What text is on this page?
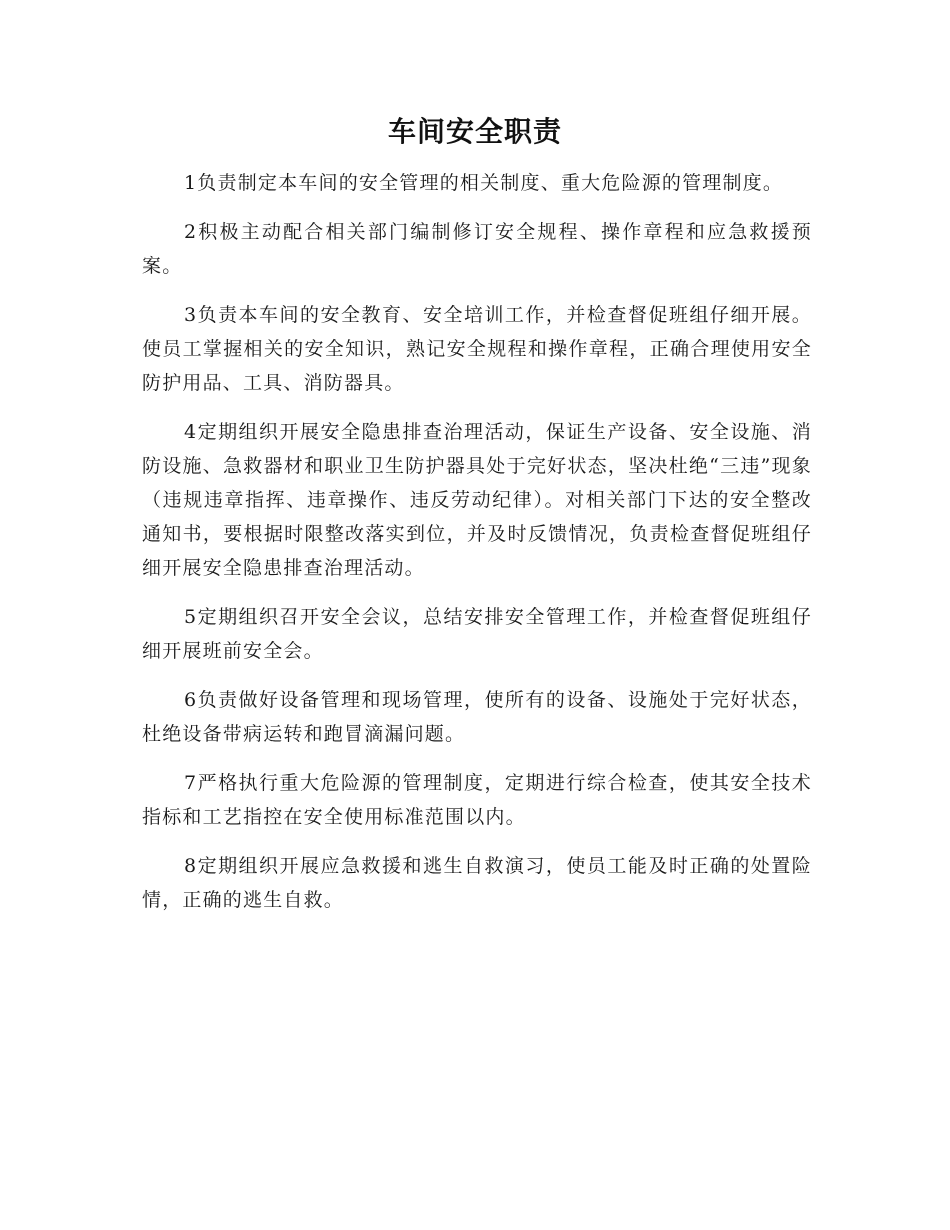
车间安全职责

1负责制定本车间的安全管理的相关制度、重大危险源的管理制度。

2积极主动配合相关部门编制修订安全规程、操作章程和应急救援预案。

3负责本车间的安全教育、安全培训工作，并检查督促班组仔细开展。使员工掌握相关的安全知识，熟记安全规程和操作章程，正确合理使用安全防护用品、工具、消防器具。

4定期组织开展安全隐患排查治理活动，保证生产设备、安全设施、消防设施、急救器材和职业卫生防护器具处于完好状态，坚决杜绝“三违”现象（违规违章指挥、违章操作、违反劳动纪律）。对相关部门下达的安全整改通知书，要根据时限整改落实到位，并及时反馈情况，负责检查督促班组仔细开展安全隐患排查治理活动。

5定期组织召开安全会议，总结安排安全管理工作，并检查督促班组仔细开展班前安全会。

6负责做好设备管理和现场管理，使所有的设备、设施处于完好状态，杜绝设备带病运转和跑冒滴漏问题。

7严格执行重大危险源的管理制度，定期进行综合检查，使其安全技术指标和工艺指控在安全使用标准范围以内。

8定期组织开展应急救援和逃生自救演习，使员工能及时正确的处置险情，正确的逃生自救。
